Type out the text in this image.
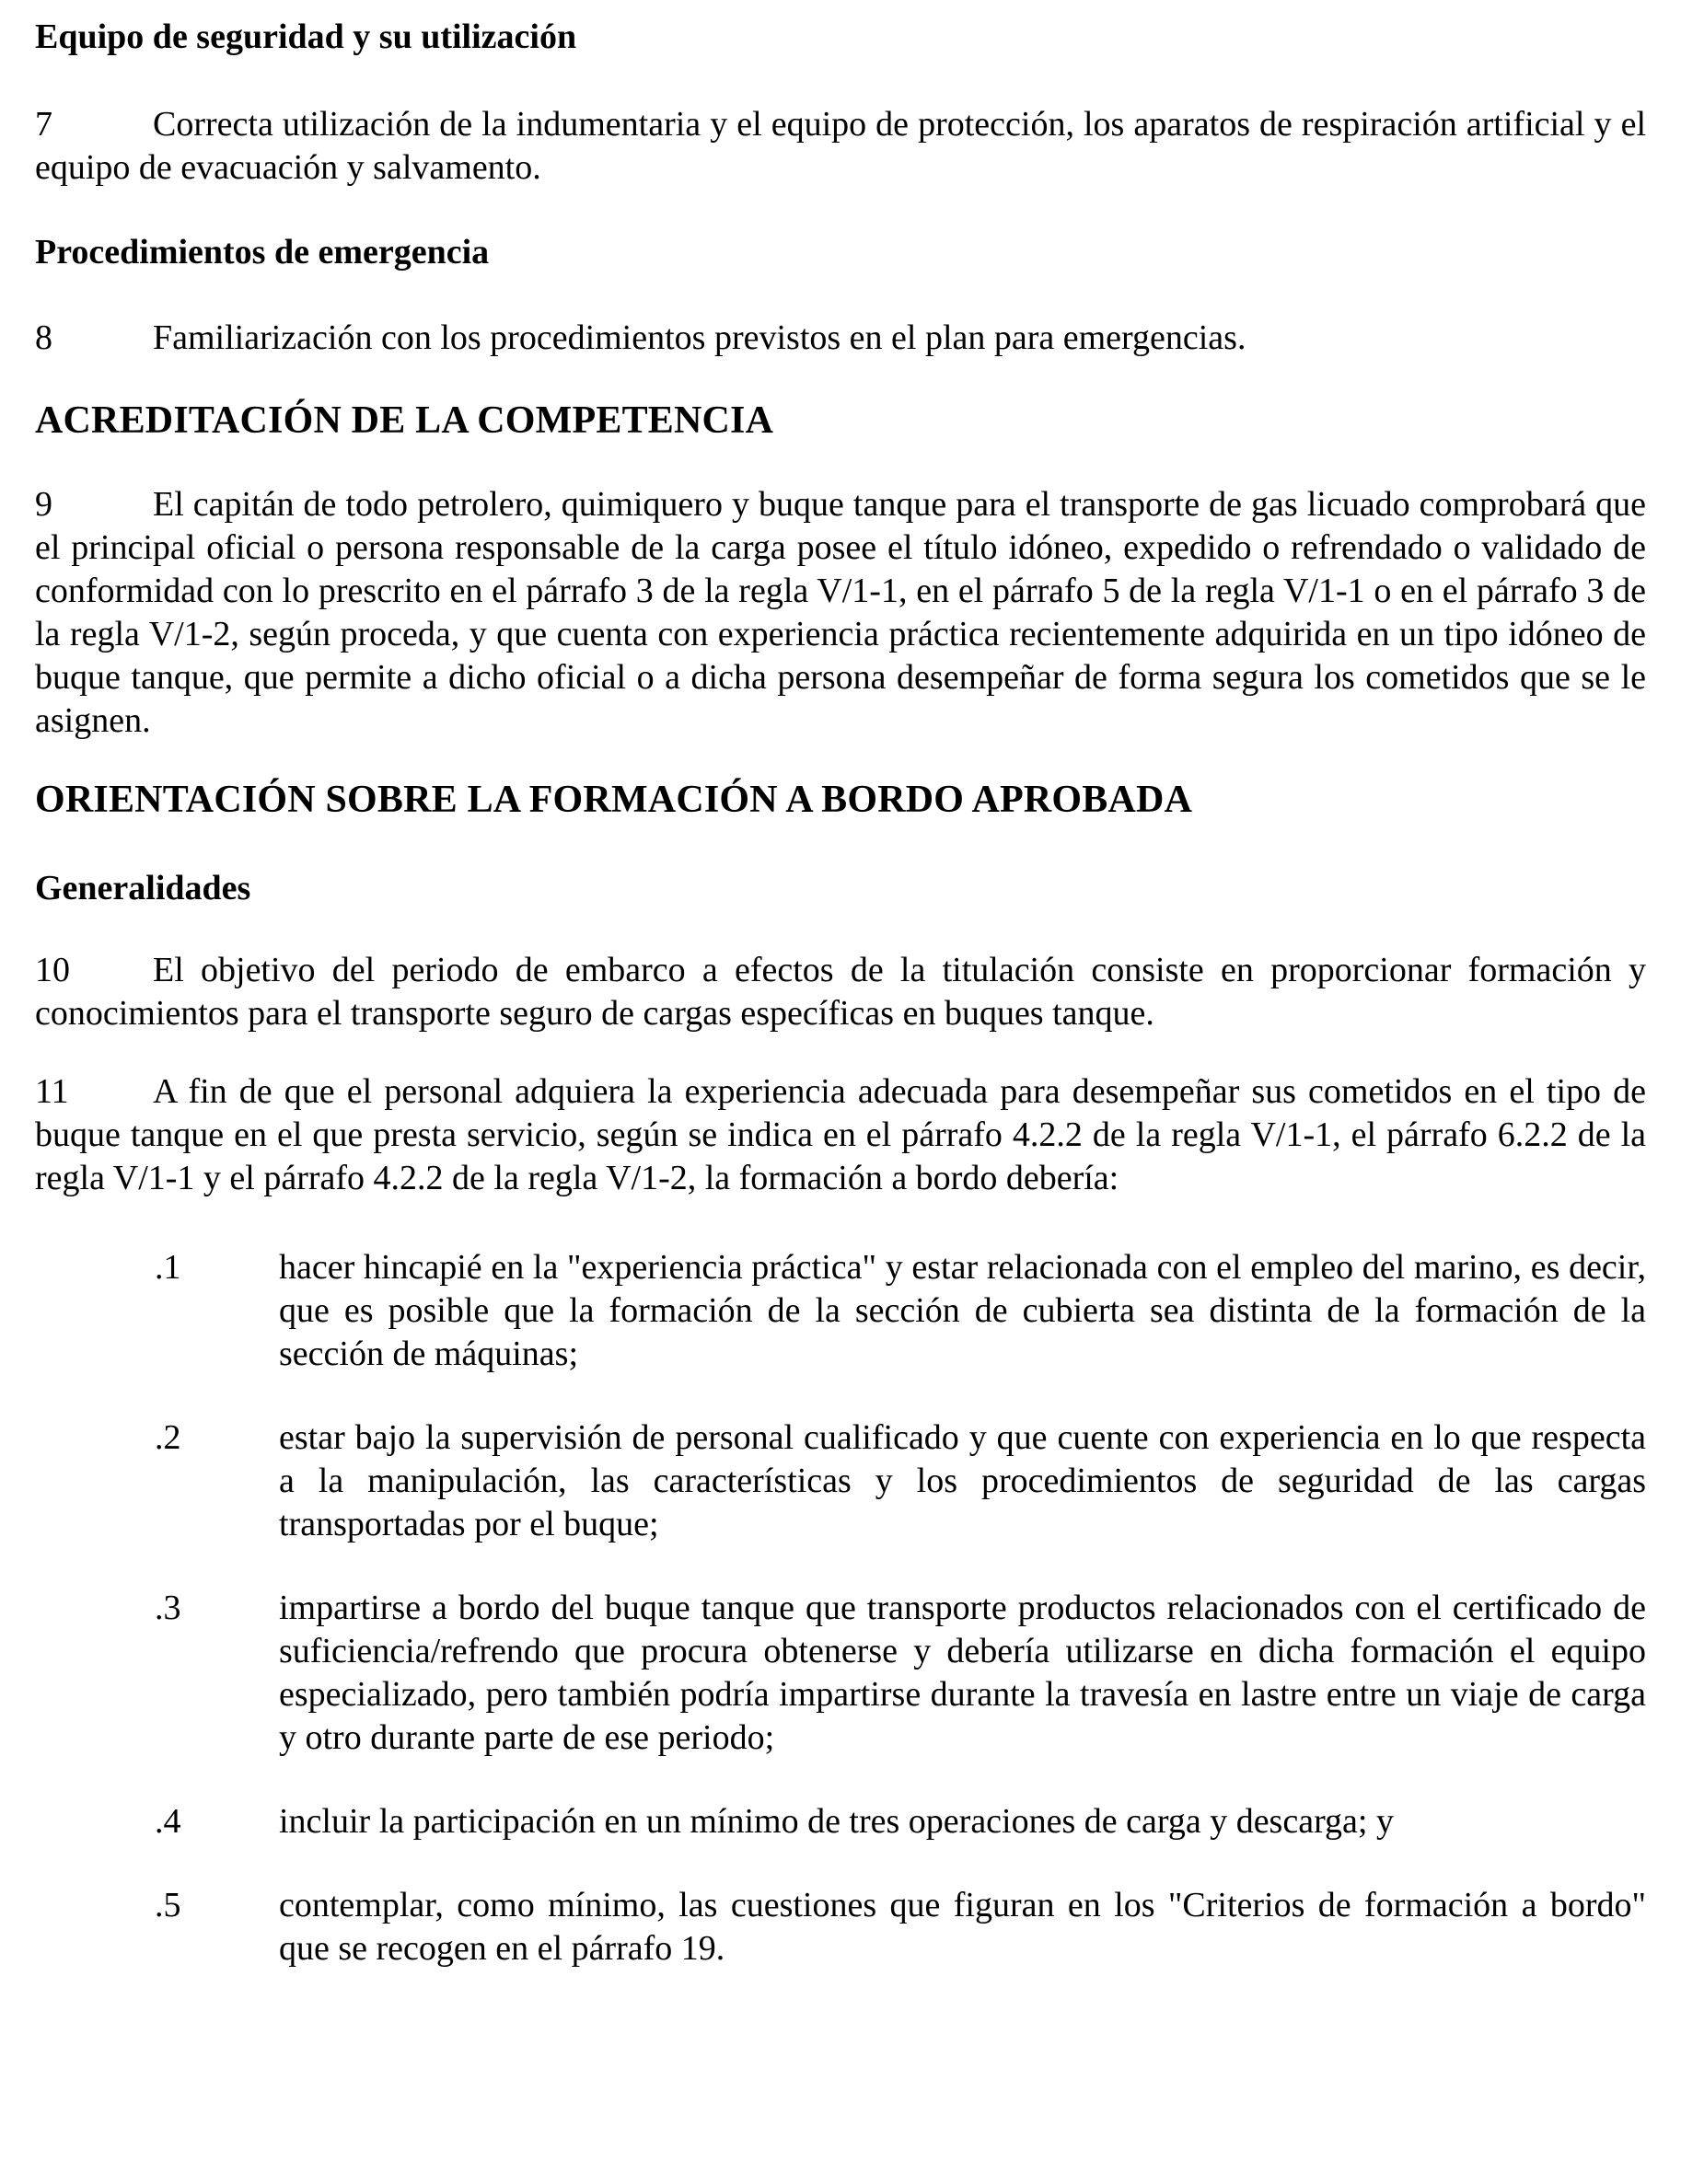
Equipo de seguridad y su utilización

7	Correcta utilización de la indumentaria y el equipo de protección, los aparatos de respiración artificial y el equipo de evacuación y salvamento.

Procedimientos de emergencia

8	Familiarización con los procedimientos previstos en el plan para emergencias.

ACREDITACIÓN DE LA COMPETENCIA

9	El capitán de todo petrolero, quimiquero y buque tanque para el transporte de gas licuado comprobará que el principal oficial o persona responsable de la carga posee el título idóneo, expedido o refrendado o validado de conformidad con lo prescrito en el párrafo 3 de la regla V/1-1, en el párrafo 5 de la regla V/1-1 o en el párrafo 3 de la regla V/1-2, según proceda, y que cuenta con experiencia práctica recientemente adquirida en un tipo idóneo de buque tanque, que permite a dicho oficial o a dicha persona desempeñar de forma segura los cometidos que se le asignen.

ORIENTACIÓN SOBRE LA FORMACIÓN A BORDO APROBADA
Generalidades

10 El objetivo del periodo de embarco a efectos de la titulación consiste en proporcionar formación y conocimientos para el transporte seguro de cargas específicas en buques tanque.

11 A fin de que el personal adquiera la experiencia adecuada para desempeñar sus cometidos en el tipo de buque tanque en el que presta servicio, según se indica en el párrafo 4.2.2 de la regla V/1-1, el párrafo 6.2.2 de la regla V/1-1 y el párrafo 4.2.2 de la regla V/1-2, la formación a bordo debería:

.1	hacer hincapié en la "experiencia práctica" y estar relacionada con el empleo del marino, es decir, que es posible que la formación de la sección de cubierta sea distinta de la formación de la sección de máquinas;
.2	estar bajo la supervisión de personal cualificado y que cuente con experiencia en lo que respecta a la manipulación, las características y los procedimientos de seguridad de las cargas transportadas por el buque;
.3	impartirse a bordo del buque tanque que transporte productos relacionados con el certificado de suficiencia/refrendo que procura obtenerse y debería utilizarse en dicha formación el equipo especializado, pero también podría impartirse durante la travesía en lastre entre un viaje de carga y otro durante parte de ese periodo;
.4	incluir la participación en un mínimo de tres operaciones de carga y descarga; y
.5	contemplar, como mínimo, las cuestiones que figuran en los "Criterios de formación a bordo" que se recogen en el párrafo 19.
